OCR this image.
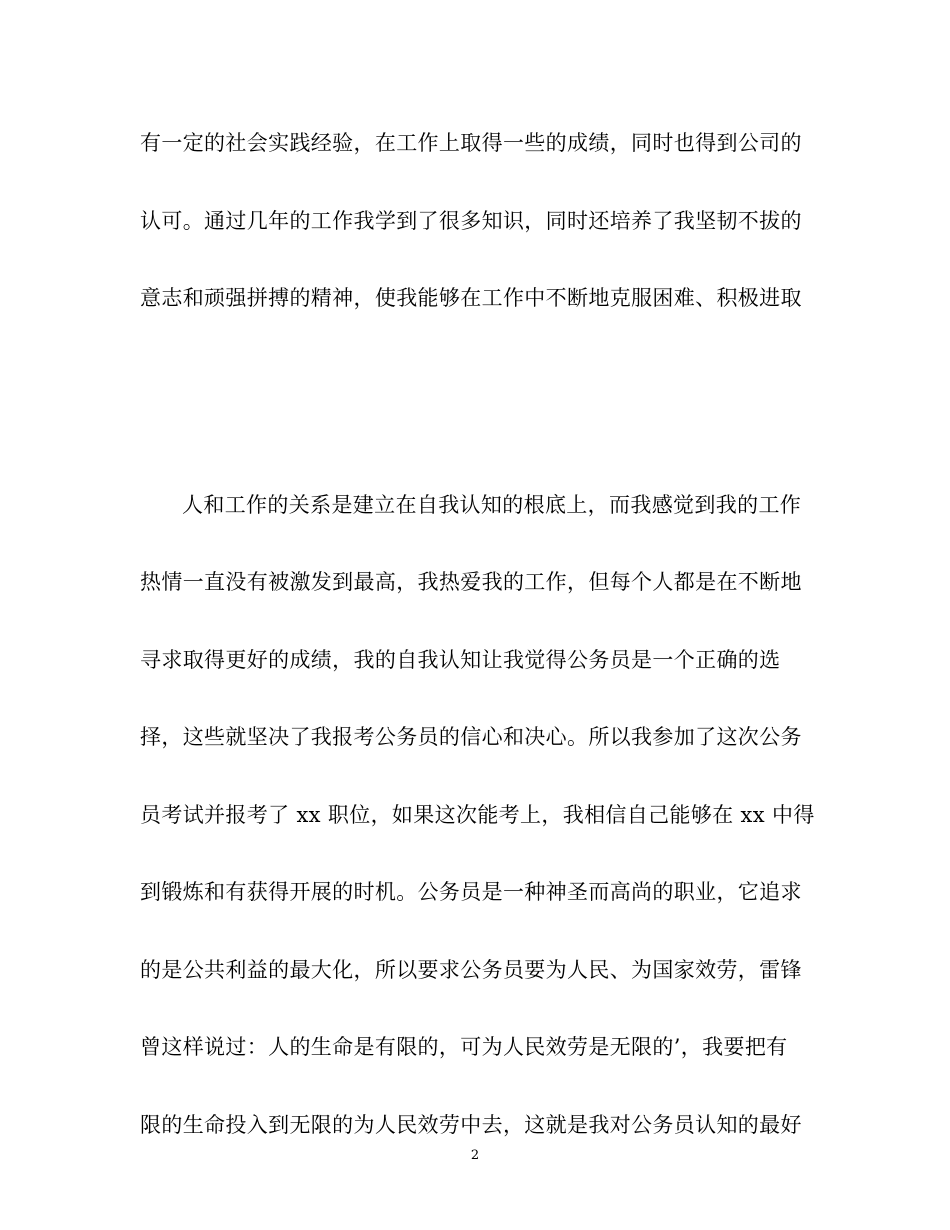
有一定的社会实践经验，在工作上取得一些的成绩，同时也得到公司的
认可。通过几年的工作我学到了很多知识，同时还培养了我坚韧不拔的
意志和顽强拼搏的精神，使我能够在工作中不断地克服困难、积极进取
人和工作的关系是建立在自我认知的根底上，而我感觉到我的工作
热情一直没有被激发到最高，我热爱我的工作，但每个人都是在不断地
寻求取得更好的成绩，我的自我认知让我觉得公务员是一个正确的选
择，这些就坚决了我报考公务员的信心和决心。所以我参加了这次公务
员考试并报考了 xx 职位，如果这次能考上，我相信自己能够在 xx 中得
到锻炼和有获得开展的时机。公务员是一种神圣而高尚的职业，它追求
的是公共利益的最大化，所以要求公务员要为人民、为国家效劳，雷锋
曾这样说过：人的生命是有限的，可为人民效劳是无限的’，我要把有
限的生命投入到无限的为人民效劳中去，这就是我对公务员认知的最好
2
